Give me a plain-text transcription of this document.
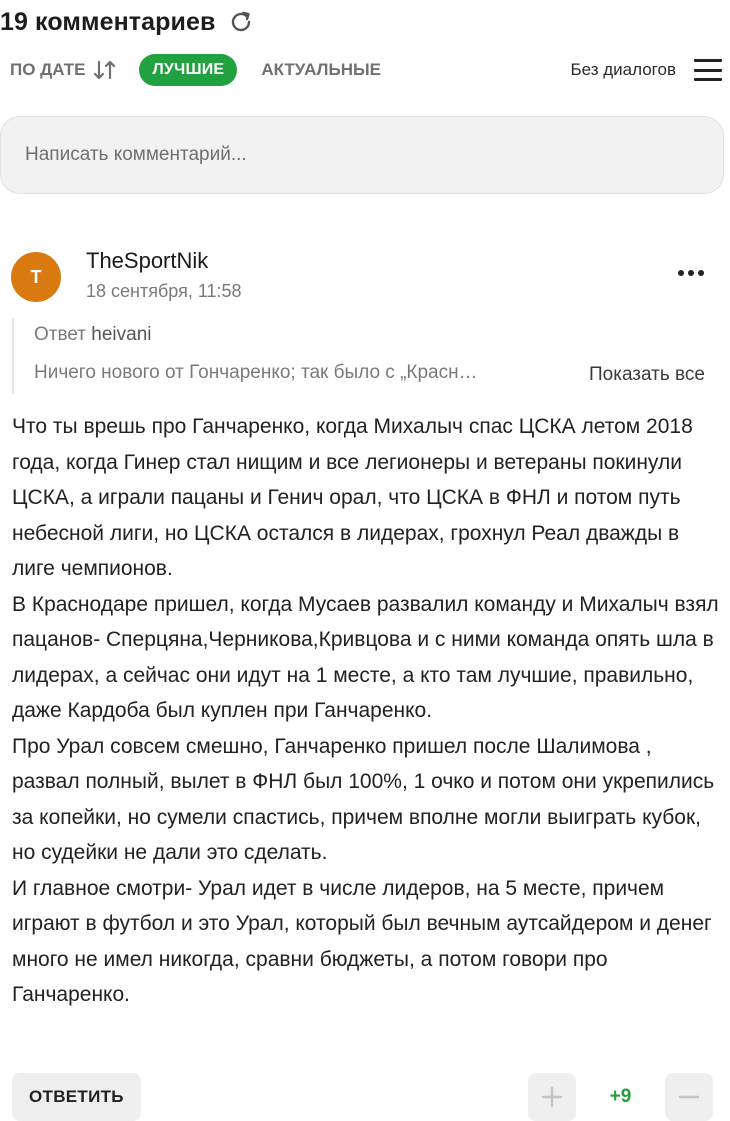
19 комментариев
ПО ДАТЕ	ЛУЧШИЕ	АКТУАЛЬНЫЕ	Без диалогов
Написать комментарий...
T
TheSportNik
18 сентября, 11:58
Ответ heivani
Ничего нового от Гончаренко; так было с „Красн…	Показать все

Что ты врешь про Ганчаренко, когда Михалыч спас ЦСКА летом 2018 года, когда Гинер стал нищим и все легионеры и ветераны покинули ЦСКА, а играли пацаны и Генич орал, что ЦСКА в ФНЛ и потом путь небесной лиги, но ЦСКА остался в лидерах, грохнул Реал дважды в лиге чемпионов.

В Краснодаре пришел, когда Мусаев развалил команду и Михалыч взял пацанов- Сперцяна,Черникова,Кривцова и с ними команда опять шла в лидерах, а сейчас они идут на 1 месте, а кто там лучшие, правильно, даже Кардоба был куплен при Ганчаренко.

Про Урал совсем смешно, Ганчаренко пришел после Шалимова , развал полный, вылет в ФНЛ был 100%, 1 очко и потом они укрепились за копейки, но сумели спастись, причем вполне могли выиграть кубок, но судейки не дали это сделать.

И главное смотри- Урал идет в числе лидеров, на 5 месте, причем играют в футбол и это Урал, который был вечным аутсайдером и денег много не имел никогда, сравни бюджеты, а потом говори про Ганчаренко.

ОТВЕТИТЬ	+9
